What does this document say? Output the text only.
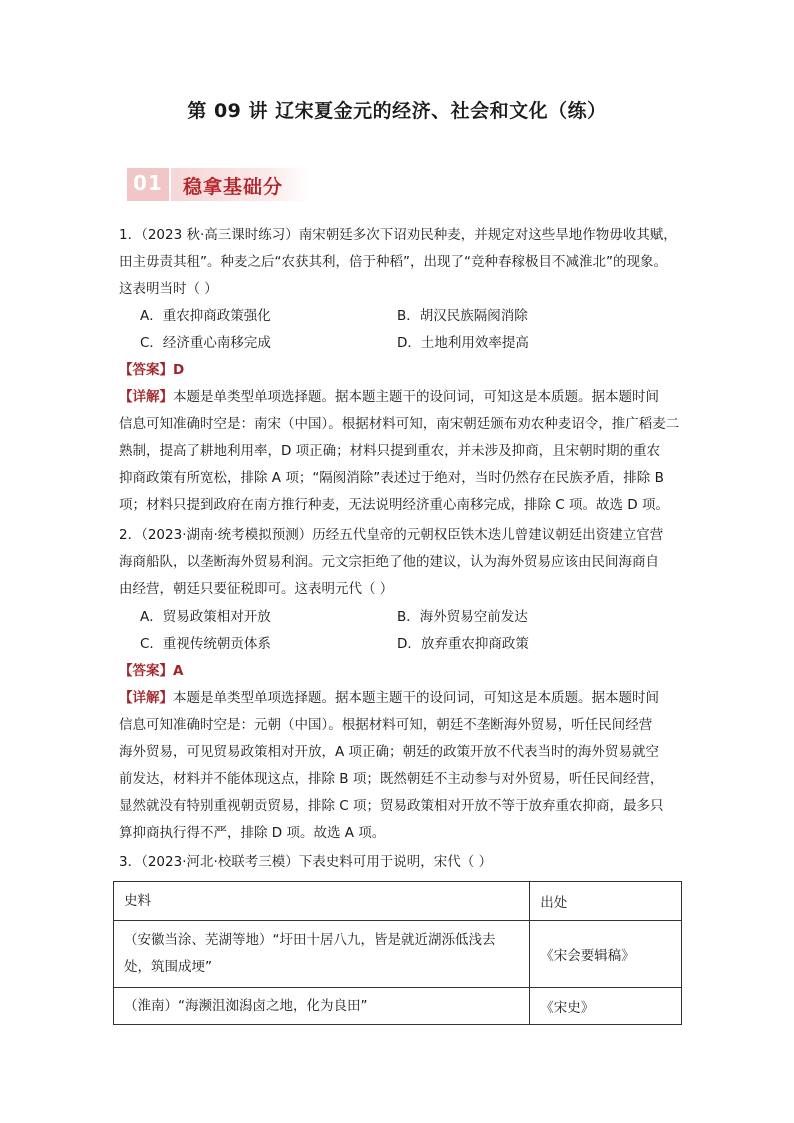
第 09 讲 辽宋夏金元的经济、社会和文化（练）
01 稳拿基础分
1．（2023 秋·高三课时练习）南宋朝廷多次下诏劝民种麦，并规定对这些旱地作物毋收其赋，
田主毋责其租”。种麦之后“农获其利，倍于种稻”，出现了“竞种春稼极目不减淮北”的现象。
这表明当时（ ）
A．重农抑商政策强化	B．胡汉民族隔阂消除
C．经济重心南移完成	D．土地利用效率提高
【答案】D
【详解】本题是单类型单项选择题。据本题主题干的设问词，可知这是本质题。据本题时间
信息可知准确时空是：南宋（中国）。根据材料可知，南宋朝廷颁布劝农种麦诏令，推广稻麦二
熟制，提高了耕地利用率，D 项正确；材料只提到重农，并未涉及抑商，且宋朝时期的重农
抑商政策有所宽松，排除 A 项；“隔阂消除”表述过于绝对，当时仍然存在民族矛盾，排除 B
项；材料只提到政府在南方推行种麦，无法说明经济重心南移完成，排除 C 项。故选 D 项。
2．（2023·湖南·统考模拟预测）历经五代皇帝的元朝权臣铁木迭儿曾建议朝廷出资建立官营
海商船队，以垄断海外贸易利润。元文宗拒绝了他的建议，认为海外贸易应该由民间海商自
由经营，朝廷只要征税即可。这表明元代（ ）
A．贸易政策相对开放	B．海外贸易空前发达
C．重视传统朝贡体系	D．放弃重农抑商政策
【答案】A
【详解】本题是单类型单项选择题。据本题主题干的设问词，可知这是本质题。据本题时间
信息可知准确时空是：元朝（中国）。根据材料可知，朝廷不垄断海外贸易，听任民间经营
海外贸易，可见贸易政策相对开放，A 项正确；朝廷的政策开放不代表当时的海外贸易就空
前发达，材料并不能体现这点，排除 B 项；既然朝廷不主动参与对外贸易，听任民间经营，
显然就没有特别重视朝贡贸易，排除 C 项；贸易政策相对开放不等于放弃重农抑商，最多只
算抑商执行得不严，排除 D 项。故选 A 项。
3．（2023·河北·校联考三模）下表史料可用于说明，宋代（ ）
史料	出处
（安徽当涂、芜湖等地）“圩田十居八九，皆是就近湖泺低浅去处，筑围成埂”	《宋会要辑稿》
（淮南）“海濒沮洳潟卤之地，化为良田”	《宋史》
